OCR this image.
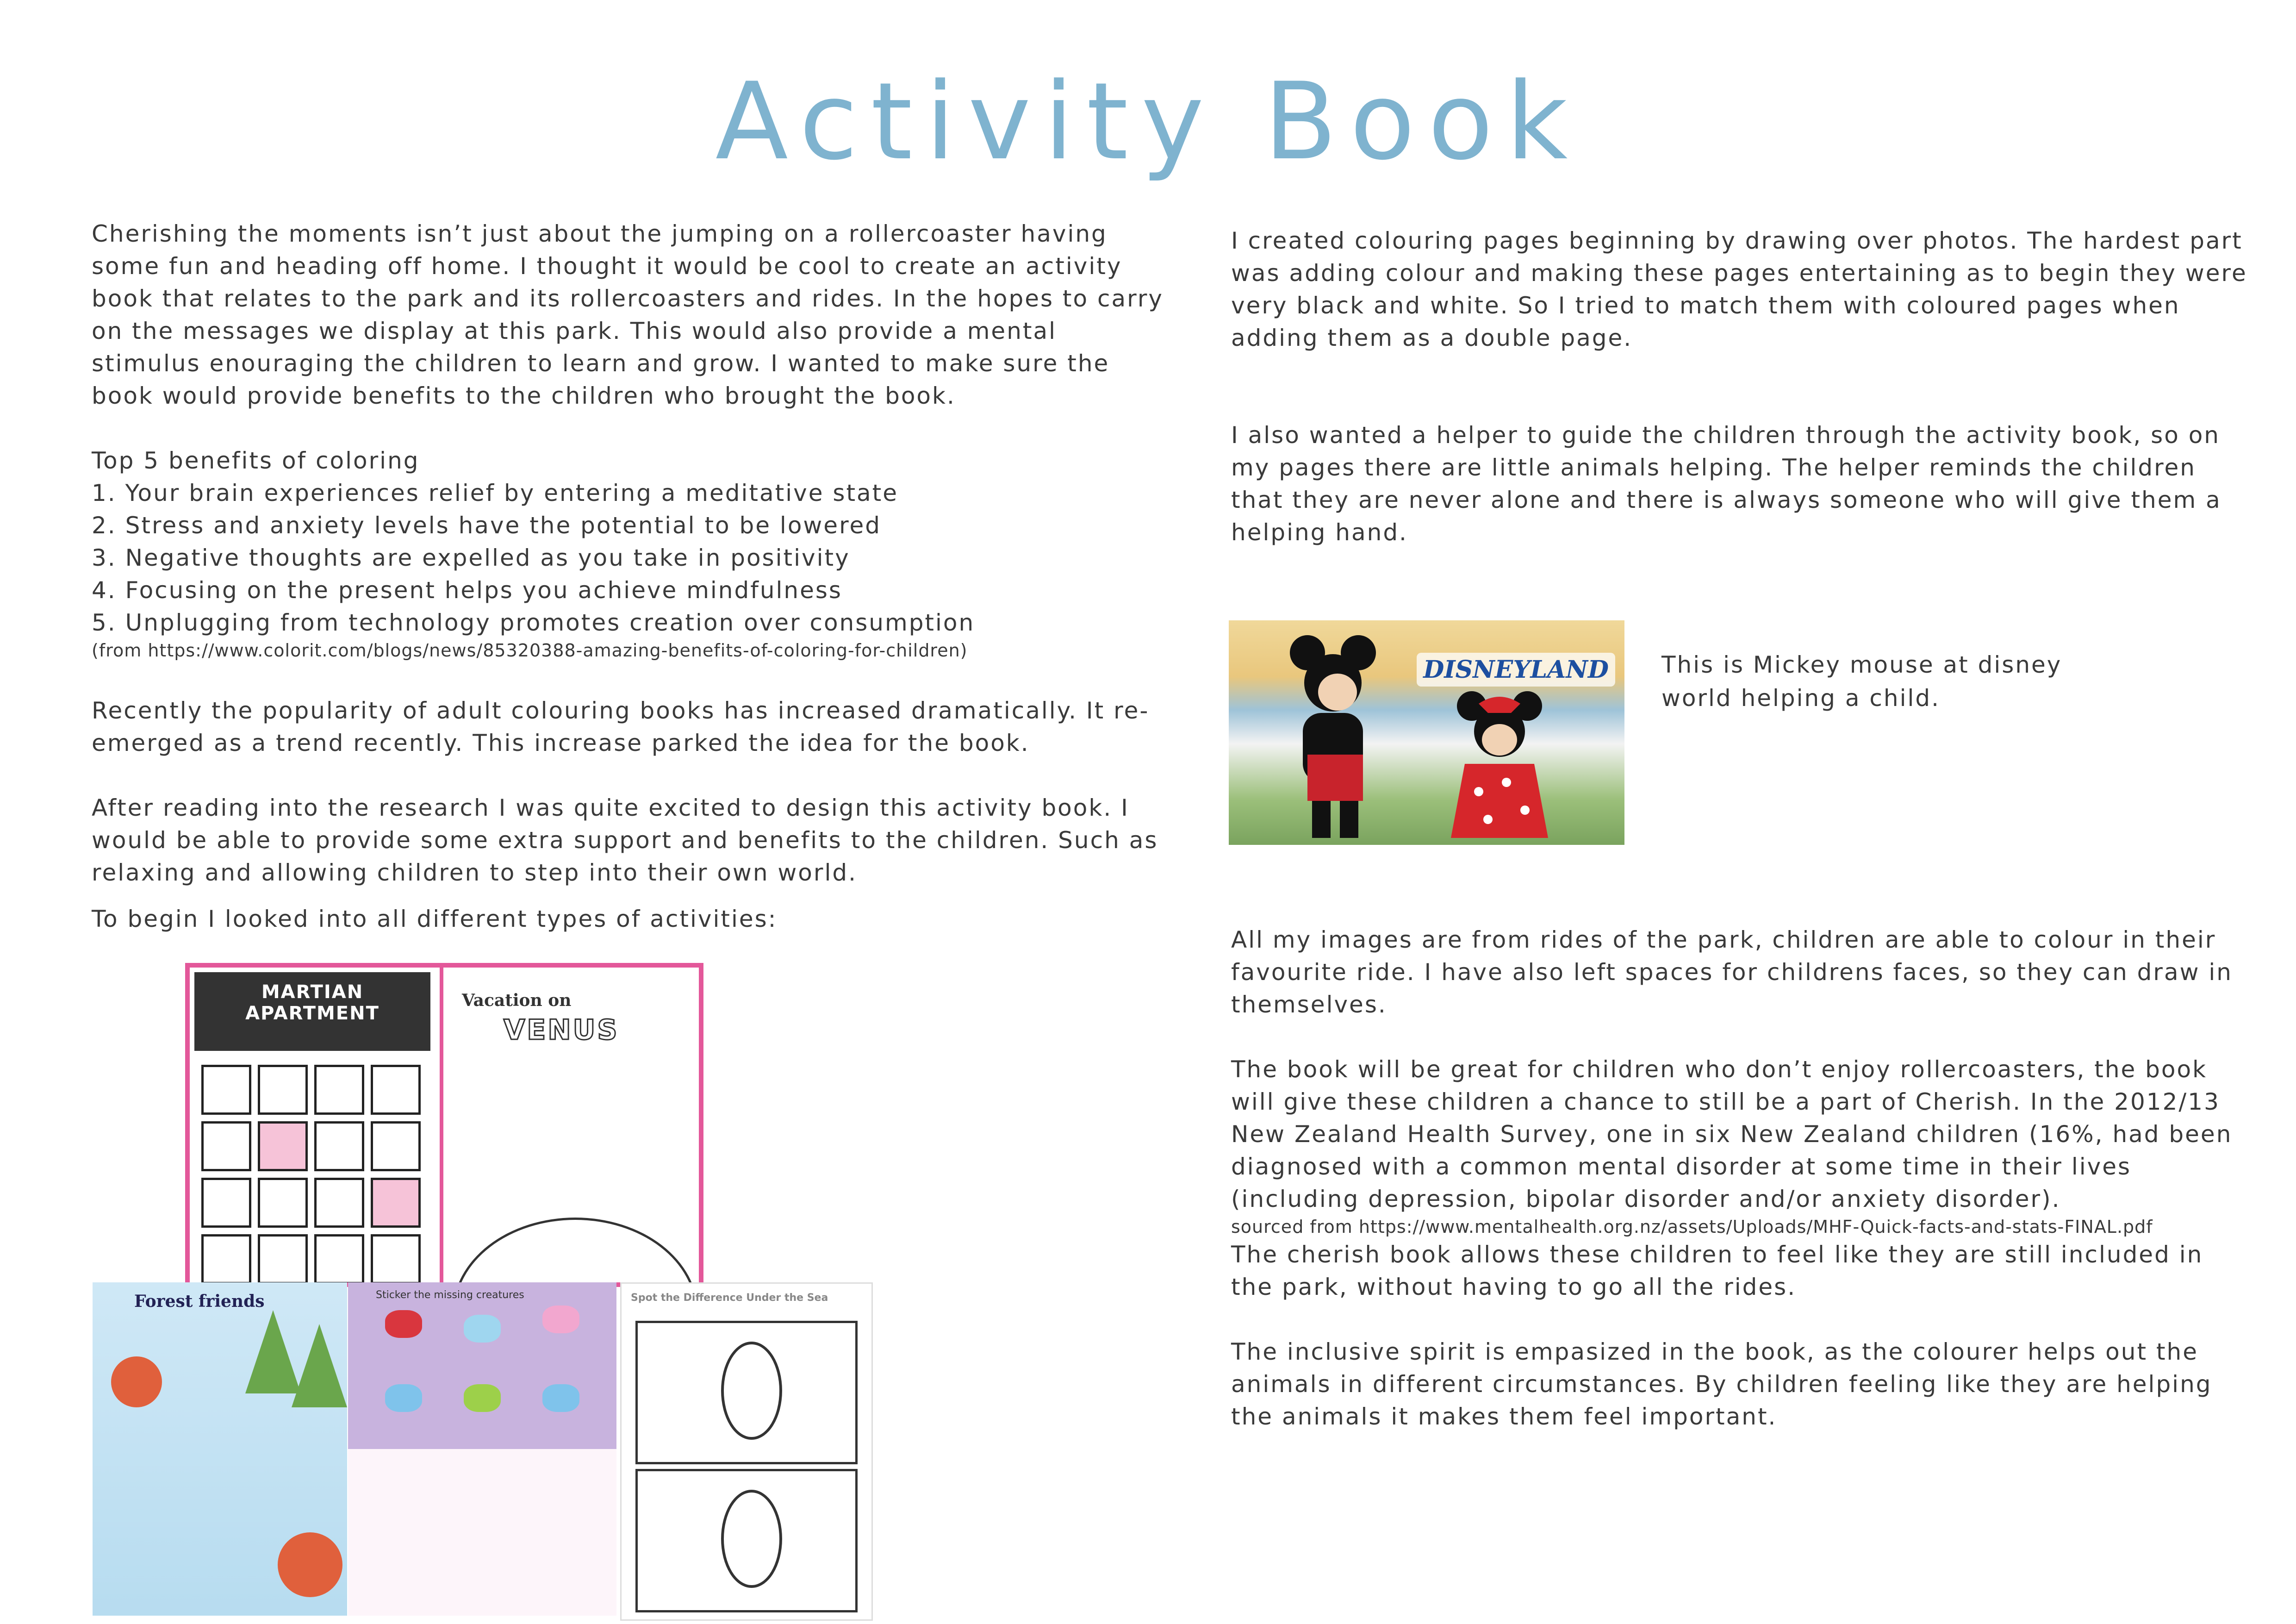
Activity Book

Cherishing the moments isn’t just about the jumping on a rollercoaster having some fun and heading off home. I thought it would be cool to create an activity book that relates to the park and its rollercoasters and rides. In the hopes to carry on the messages we display at this park. This would also provide a mental stimulus enouraging the children to learn and grow. I wanted to make sure the book would provide benefits to the children who brought the book.

Top 5 benefits of coloring

1. Your brain experiences relief by entering a meditative state

2. Stress and anxiety levels have the potential to be lowered

3. Negative thoughts are expelled as you take in positivity

4. Focusing on the present helps you achieve mindfulness

5. Unplugging from technology promotes creation over consumption

(from https://www.colorit.com/blogs/news/85320388-amazing-benefits-of-coloring-for-children)

Recently the popularity of adult colouring books has increased dramatically. It re-emerged as a trend recently. This increase parked the idea for the book.

After reading into the research I was quite excited to design this activity book. I would be able to provide some extra support and benefits to the children. Such as relaxing and allowing children to step into their own world.

To begin I looked into all different types of activities:

I created colouring pages beginning by drawing over photos. The hardest part was adding colour and making these pages entertaining as to begin they were very black and white. So I tried to match them with coloured pages when adding them as a double page.

I also wanted a helper to guide the children through the activity book, so on my pages there are little animals helping. The helper reminds the children that they are never alone and there is always someone who will give them a helping hand.

DISNEYLAND This is Mickey mouse at disney world helping a child.

All my images are from rides of the park, children are able to colour in their favourite ride. I have also left spaces for childrens faces, so they can draw in themselves.

The book will be great for children who don’t enjoy rollercoasters, the book will give these children a chance to still be a part of Cherish. In the 2012/13 New Zealand Health Survey, one in six New Zealand children (16%, had been diagnosed with a common mental disorder at some time in their lives (including depression, bipolar disorder and/or anxiety disorder).

sourced from https://www.mentalhealth.org.nz/assets/Uploads/MHF-Quick-facts-and-stats-FINAL.pdf

The cherish book allows these children to feel like they are still included in the park, without having to go all the rides.

The inclusive spirit is empasized in the book, as the colourer helps out the animals in different circumstances. By children feeling like they are helping the animals it makes them feel important.

MARTIAN APARTMENT
Vacation on
VENUS
Forest friends	Sticker the missing creatures	Spot the Difference Under the Sea
